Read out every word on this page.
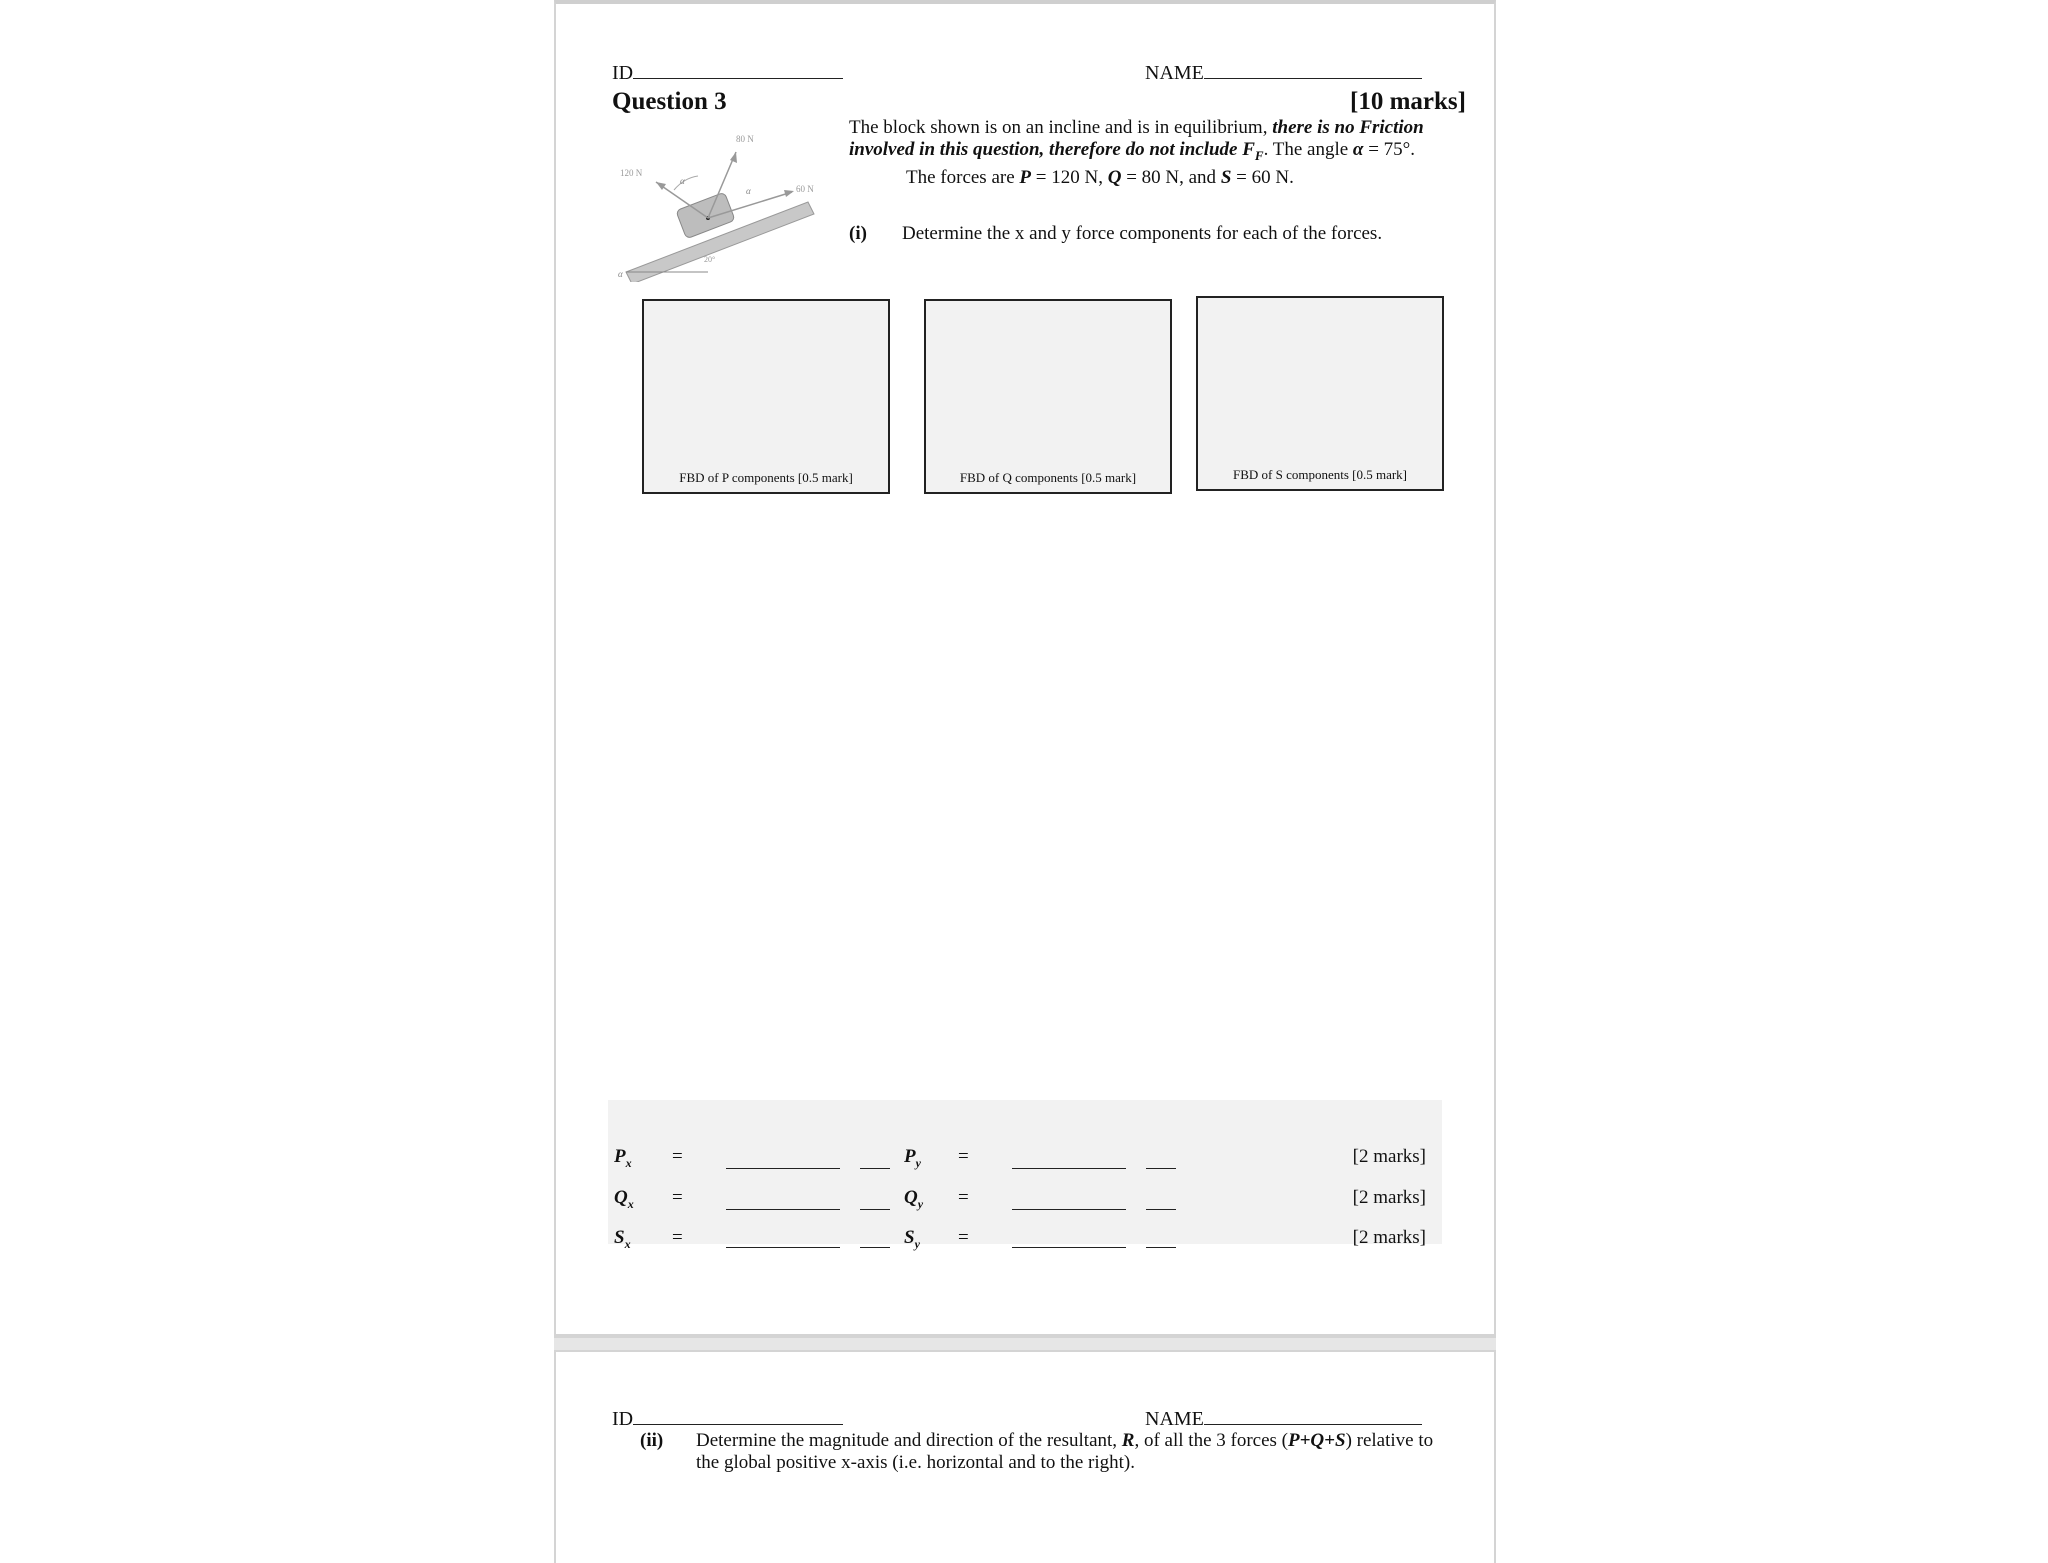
ID	NAME
Question 3	[10 marks]
The block shown is on an incline and is in equilibrium, there is no Friction
involved in this question, therefore do not include $F_F$. The angle α = 75°.
The forces are P = 120 N, Q = 80 N, and S = 60 N.
(i) Determine the x and y force components for each of the forces.
120 N
80 N
60 N
α
α
α
20°
FBD of P components [0.5 mark]	FBD of Q components [0.5 mark]	FBD of S components [0.5 mark]
$P_x$ =	$P_y$ =	[2 marks]
$Q_x$ =	$Q_y$ =	[2 marks]
$S_x$ =	$S_y$ =	[2 marks]
ID	NAME
(ii) Determine the magnitude and direction of the resultant, R, of all the 3 forces (P+Q+S) relative to
the global positive x-axis (i.e. horizontal and to the right).
